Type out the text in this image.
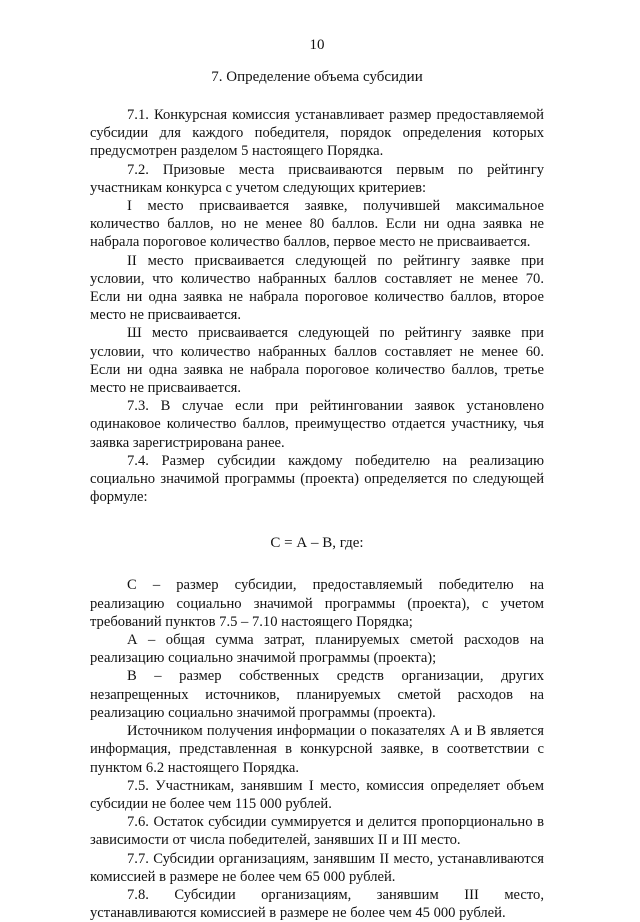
10
7. Определение объема субсидии

7.1. Конкурсная комиссия устанавливает размер предоставляемой субсидии для каждого победителя, порядок определения которых предусмотрен разделом 5 настоящего Порядка.

7.2. Призовые места присваиваются первым по рейтингу участникам конкурса с учетом следующих критериев:

I место присваивается заявке, получившей максимальное количество баллов, но не менее 80 баллов. Если ни одна заявка не набрала пороговое количество баллов, первое место не присваивается.

II место присваивается следующей по рейтингу заявке при условии, что количество набранных баллов составляет не менее 70. Если ни одна заявка не набрала пороговое количество баллов, второе место не присваивается.

Ш место присваивается следующей по рейтингу заявке при условии, что количество набранных баллов составляет не менее 60. Если ни одна заявка не набрала пороговое количество баллов, третье место не присваивается.

7.3. В случае если при рейтинговании заявок установлено одинаковое количество баллов, преимущество отдается участнику, чья заявка зарегистрирована ранее.

7.4. Размер субсидии каждому победителю на реализацию социально значимой программы (проекта) определяется по следующей формуле:

С = А – В, где:

С – размер субсидии, предоставляемый победителю на реализацию социально значимой программы (проекта), с учетом требований пунктов 7.5 – 7.10 настоящего Порядка;

А – общая сумма затрат, планируемых сметой расходов на реализацию социально значимой программы (проекта);

В – размер собственных средств организации, других незапрещенных источников, планируемых сметой расходов на реализацию социально значимой программы (проекта).

Источником получения информации о показателях А и В является информация, представленная в конкурсной заявке, в соответствии с пунктом 6.2 настоящего Порядка.

7.5. Участникам, занявшим I место, комиссия определяет объем субсидии не более чем 115 000 рублей.

7.6. Остаток субсидии суммируется и делится пропорционально в зависимости от числа победителей, занявших II и III место.

7.7. Субсидии организациям, занявшим II место, устанавливаются комиссией в размере не более чем 65 000 рублей.

7.8. Субсидии организациям, занявшим III место, устанавливаются комиссией в размере не более чем 45 000 рублей.
